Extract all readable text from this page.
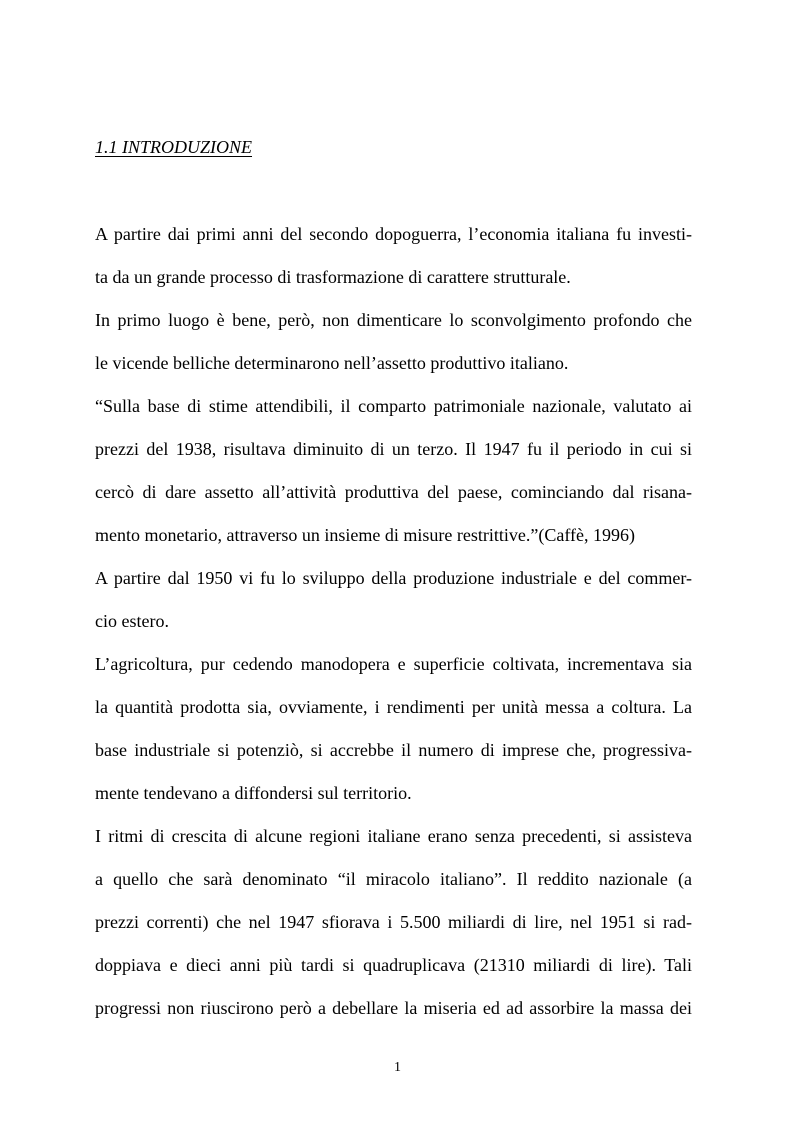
1.1 INTRODUZIONE
A partire dai primi anni del secondo dopoguerra, l’economia italiana fu investi-
ta da un grande processo di trasformazione di carattere strutturale.
In primo luogo è bene, però, non dimenticare lo sconvolgimento profondo che
le vicende belliche determinarono nell’assetto produttivo italiano.
“Sulla base di stime attendibili, il comparto patrimoniale nazionale, valutato ai
prezzi del 1938, risultava diminuito di un terzo. Il 1947 fu il periodo in cui si
cercò di dare assetto all’attività produttiva del paese, cominciando dal risana-
mento monetario, attraverso un insieme di misure restrittive.”(Caffè, 1996)
A partire dal 1950 vi fu lo sviluppo della produzione industriale e del commer-
cio estero.
L’agricoltura, pur cedendo manodopera e superficie coltivata, incrementava sia
la quantità prodotta sia, ovviamente, i rendimenti per unità messa a coltura. La
base industriale si potenziò, si accrebbe il numero di imprese che, progressiva-
mente tendevano a diffondersi sul territorio.
I ritmi di crescita di alcune regioni italiane erano senza precedenti, si assisteva
a quello che sarà denominato “il miracolo italiano”. Il reddito nazionale (a
prezzi correnti) che nel 1947 sfiorava i 5.500 miliardi di lire, nel 1951 si rad-
doppiava e dieci anni più tardi si quadruplicava (21310 miliardi di lire). Tali
progressi non riuscirono però a debellare la miseria ed ad assorbire la massa dei
1
